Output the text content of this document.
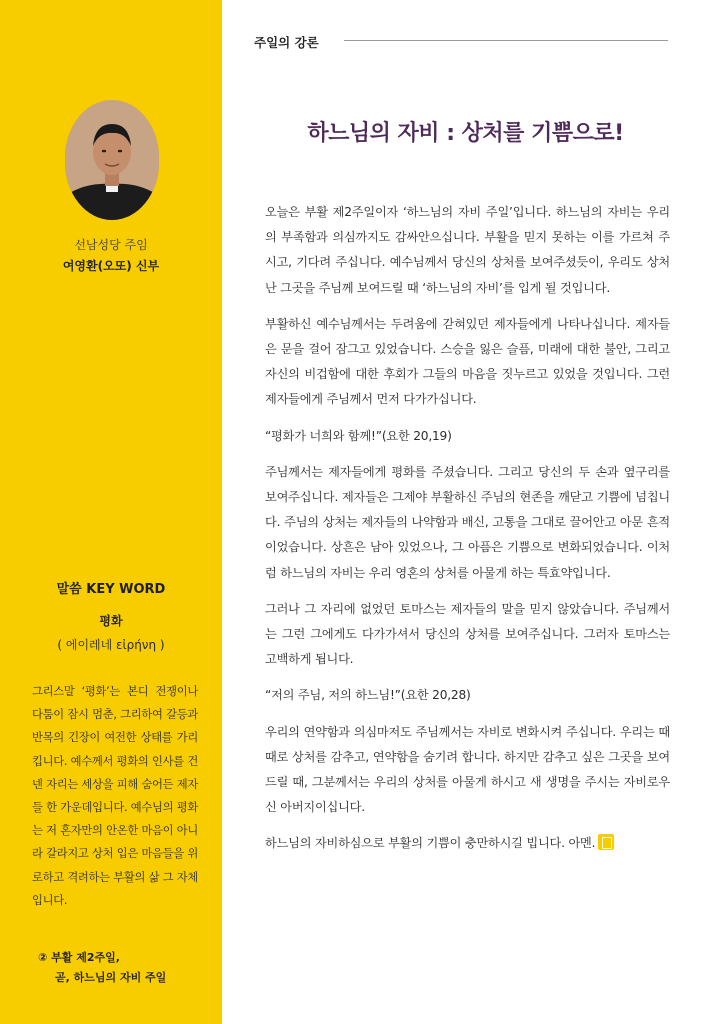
선남성당 주임
여영환(오또) 신부
말씀 KEY WORD
평화
( 에이레네 εἰρήνη )
그리스말 ‘평화’는 본디 전쟁이나 다툼이 잠시 멈춘, 그리하여 갈등과 반목의 긴장이 여전한 상태를 가리킵니다. 예수께서 평화의 인사를 건넨 자리는 세상을 피해 숨어든 제자들 한 가운데입니다. 예수님의 평화는 저 혼자만의 안온한 마음이 아니라 갈라지고 상처 입은 마음들을 위로하고 격려하는 부활의 삶 그 자체입니다.
② 부활 제2주일,
곧, 하느님의 자비 주일
주일의 강론
하느님의 자비 : 상처를 기쁨으로!

오늘은 부활 제2주일이자 ‘하느님의 자비 주일’입니다. 하느님의 자비는 우리의 부족함과 의심까지도 감싸안으십니다. 부활을 믿지 못하는 이를 가르쳐 주시고, 기다려 주십니다. 예수님께서 당신의 상처를 보여주셨듯이, 우리도 상처 난 그곳을 주님께 보여드릴 때 ‘하느님의 자비’를 입게 될 것입니다.

부활하신 예수님께서는 두려움에 갇혀있던 제자들에게 나타나십니다. 제자들은 문을 걸어 잠그고 있었습니다. 스승을 잃은 슬픔, 미래에 대한 불안, 그리고 자신의 비겁함에 대한 후회가 그들의 마음을 짓누르고 있었을 것입니다. 그런 제자들에게 주님께서 먼저 다가가십니다.

“평화가 너희와 함께!”(요한 20,19)

주님께서는 제자들에게 평화를 주셨습니다. 그리고 당신의 두 손과 옆구리를 보여주십니다. 제자들은 그제야 부활하신 주님의 현존을 깨닫고 기쁨에 넘칩니다. 주님의 상처는 제자들의 나약함과 배신, 고통을 그대로 끌어안고 아문 흔적이었습니다. 상흔은 남아 있었으나, 그 아픔은 기쁨으로 변화되었습니다. 이처럼 하느님의 자비는 우리 영혼의 상처를 아물게 하는 특효약입니다.

그러나 그 자리에 없었던 토마스는 제자들의 말을 믿지 않았습니다. 주님께서는 그런 그에게도 다가가셔서 당신의 상처를 보여주십니다. 그러자 토마스는 고백하게 됩니다.

“저의 주님, 저의 하느님!”(요한 20,28)

우리의 연약함과 의심마저도 주님께서는 자비로 변화시켜 주십니다. 우리는 때때로 상처를 감추고, 연약함을 숨기려 합니다. 하지만 감추고 싶은 그곳을 보여드릴 때, 그분께서는 우리의 상처를 아물게 하시고 새 생명을 주시는 자비로우신 아버지이십니다.

하느님의 자비하심으로 부활의 기쁨이 충만하시길 빕니다. 아멘.
